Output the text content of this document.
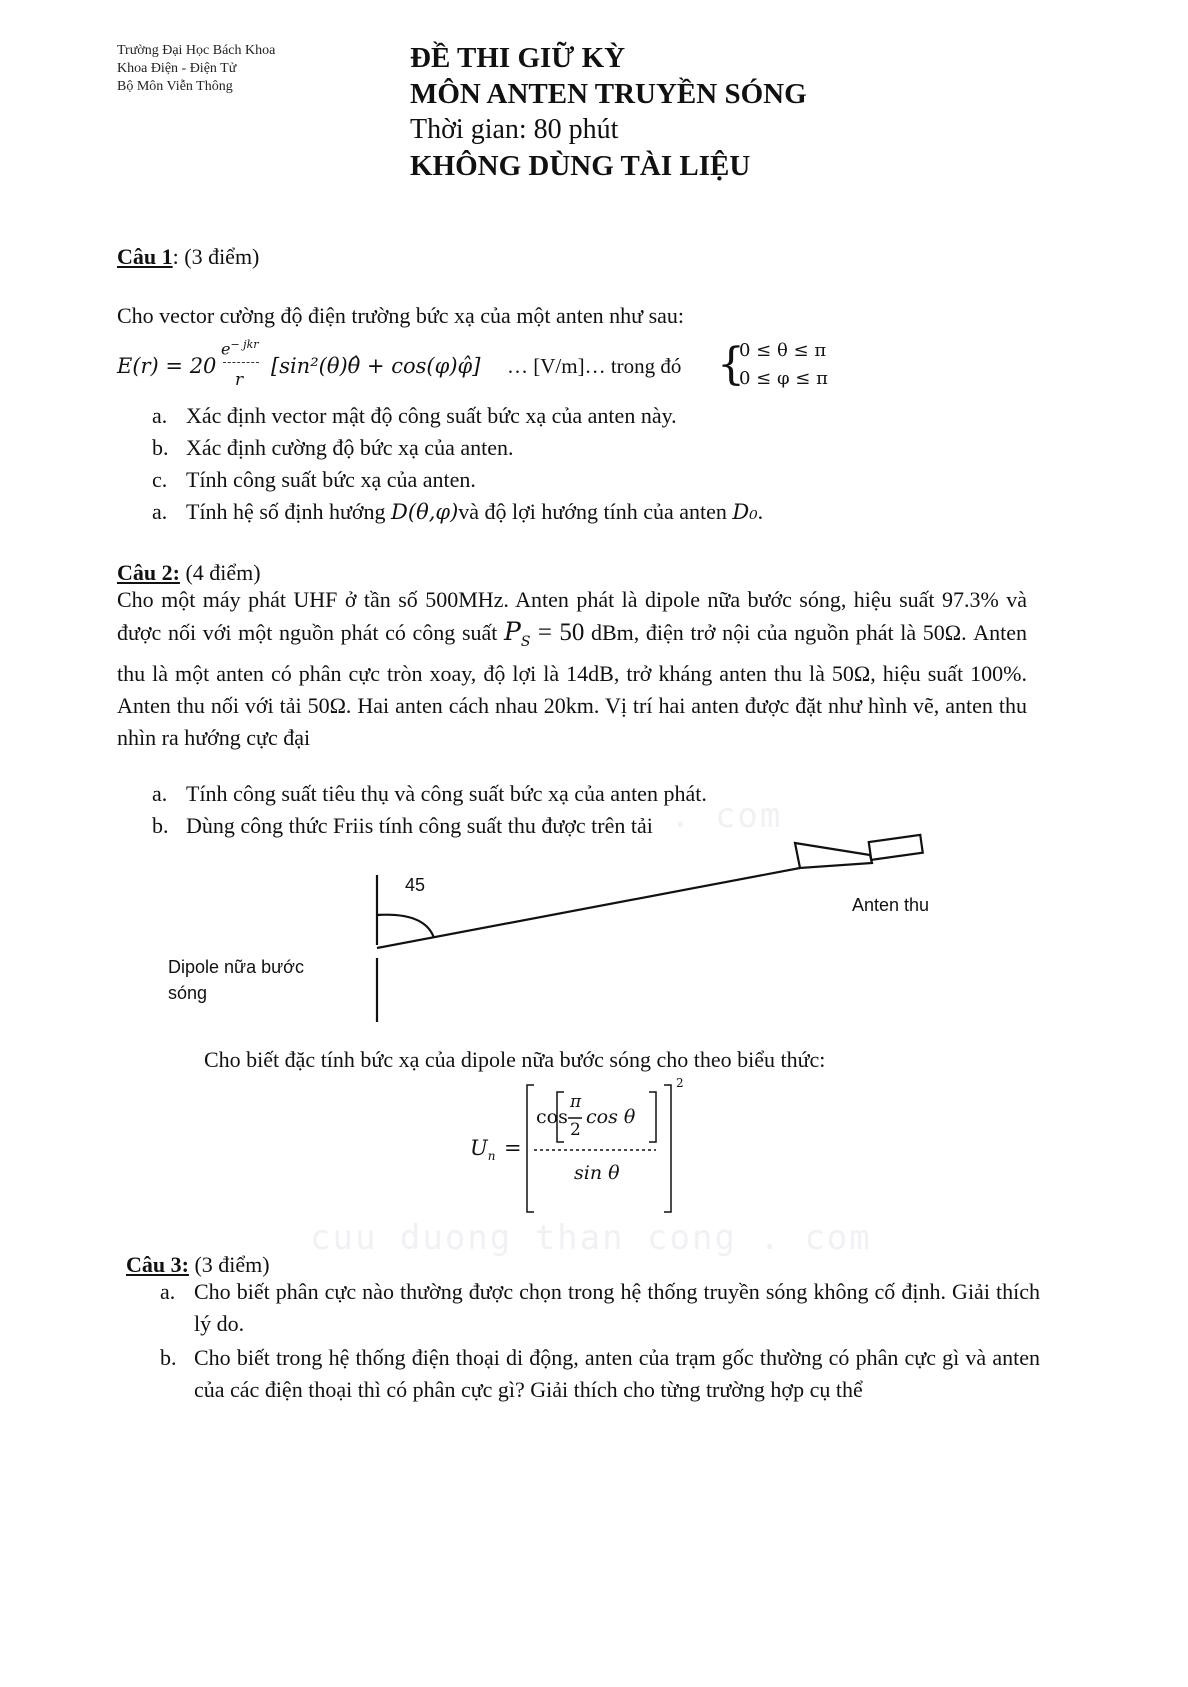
Trường Đại Học Bách Khoa
Khoa Điện - Điện Tử
Bộ Môn Viễn Thông
ĐỀ THI GIỮ KỲ
MÔN ANTEN TRUYỀN SÓNG
Thời gian: 80 phút
KHÔNG DÙNG TÀI LIỆU
Câu 1: (3 điểm)
Cho vector cường độ điện trường bức xạ của một anten như sau:
E(r) = 20
$e^{- jkr}$
r
[sin²(θ)θ̂ + cos(φ)φ̂] … [V/m]… trong đó {
0 ≤ θ ≤ π
0 ≤ φ ≤ π
a. Xác định vector mật độ công suất bức xạ của anten này.
b. Xác định cường độ bức xạ của anten.
c. Tính công suất bức xạ của anten.
a. Tính hệ số định hướng D(θ,φ)và độ lợi hướng tính của anten D₀.
Câu 2: (4 điểm)
Cho một máy phát UHF ở tần số 500MHz. Anten phát là dipole nữa bước sóng, hiệu suất 97.3% và được nối với một nguồn phát có công suất $P_S = 50$ dBm, điện trở nội của nguồn phát là 50Ω. Anten thu là một anten có phân cực tròn xoay, độ lợi là 14dB, trở kháng anten thu là 50Ω, hiệu suất 100%. Anten thu nối với tải 50Ω. Hai anten cách nhau 20km. Vị trí hai anten được đặt như hình vẽ, anten thu nhìn ra hướng cực đại
a. Tính công suất tiêu thụ và công suất bức xạ của anten phát.
b. Dùng công thức Friis tính công suất thu được trên tải . com
45
Anten thu
Dipole nữa bước
sóng
Cho biết đặc tính bức xạ của dipole nữa bước sóng cho theo biểu thức:
$U_n$ =
cos
π
2
cos θ
sin θ
2
cuu duong than cong . com
Câu 3: (3 điểm)
a. Cho biết phân cực nào thường được chọn trong hệ thống truyền sóng không cố định. Giải thích lý do.
b. Cho biết trong hệ thống điện thoại di động, anten của trạm gốc thường có phân cực gì và anten của các điện thoại thì có phân cực gì? Giải thích cho từng trường hợp cụ thể
